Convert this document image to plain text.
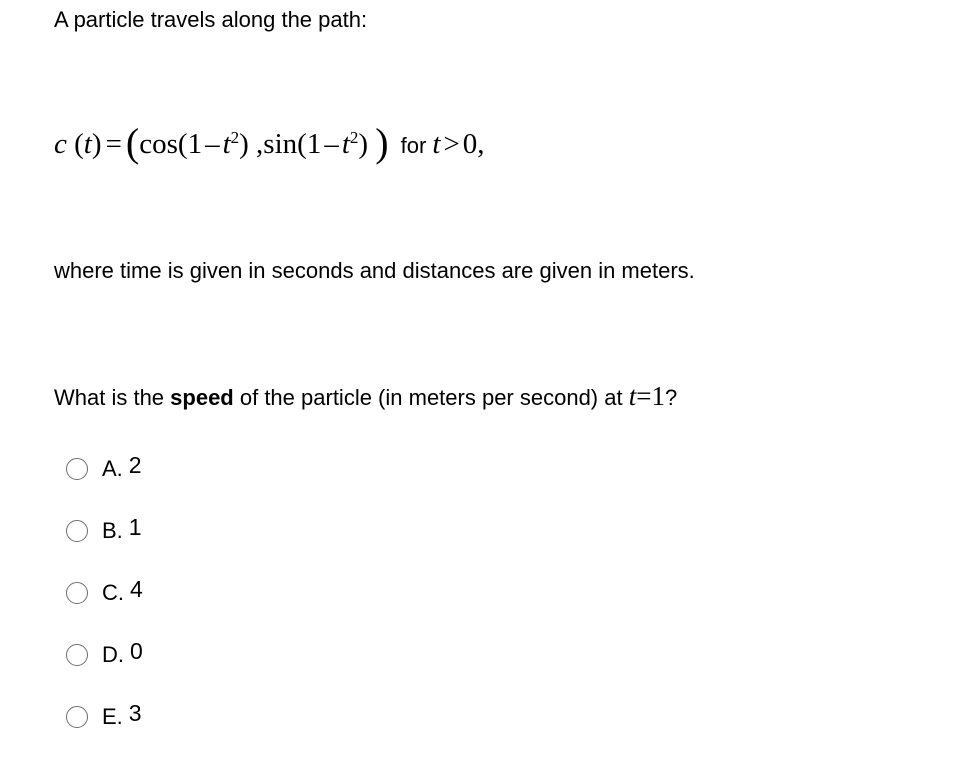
A particle travels along the path:
c $(t) = (\cos(1 - t^2)$ $,\sin(1 - t^2)$ ) for t > 0,
where time is given in seconds and distances are given in meters.
What is the speed of the particle (in meters per second) at t=1?
A. 2
B. 1
C. 4
D. 0
E. 3
